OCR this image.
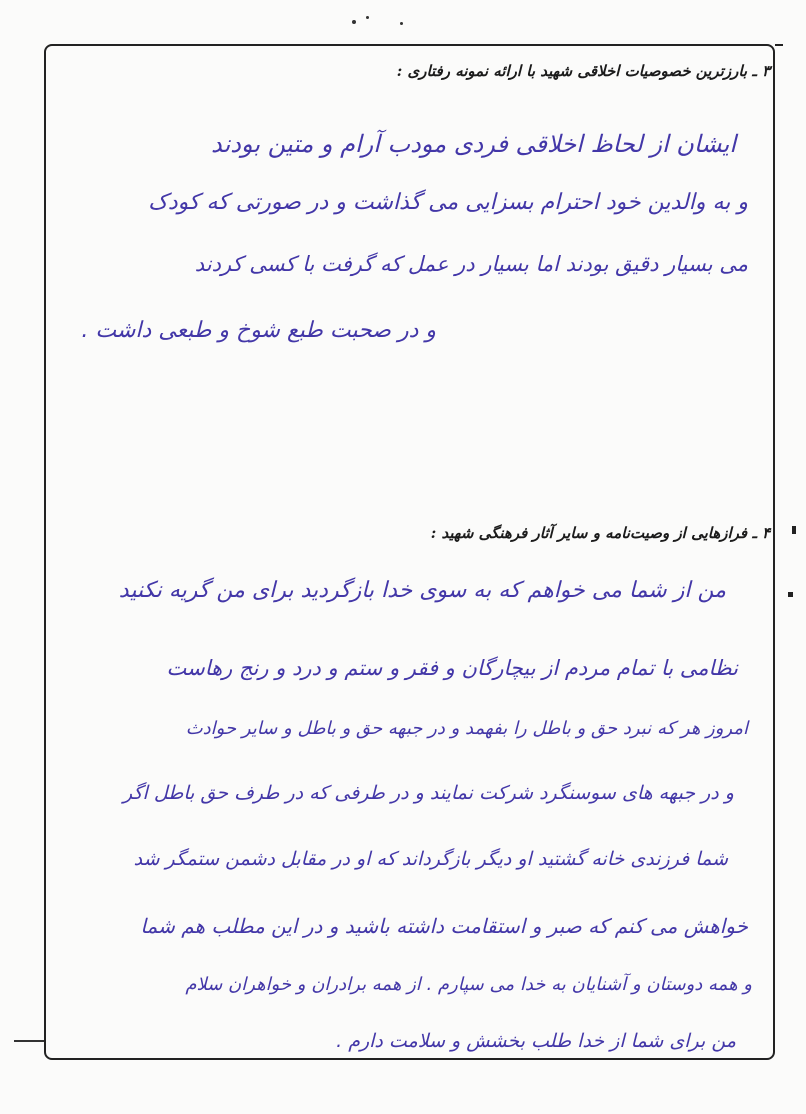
۳ ـ بارزترین خصوصیات اخلاقی شهید با ارائه نمونه رفتاری :
ایشان از لحاظ اخلاقی فردی مودب آرام و متین بودند
و به والدین خود احترام بسزایی می گذاشت و در صورتی که کودک
می بسیار دقیق بودند اما بسیار در عمل که گرفت با کسی کردند
و در صحبت طبع شوخ و طبعی داشت .
۴ ـ فرازهایی از وصیت‌نامه و سایر آثار فرهنگی شهید :
من از شما می خواهم که به سوی خدا بازگردید برای من گریه نکنید
نظامی با تمام مردم از بیچارگان و فقر و ستم و درد و رنج رهاست
امروز هر که نبرد حق و باطل را بفهمد و در جبهه حق و باطل و سایر حوادث
و در جبهه های سوسنگرد شرکت نمایند و در طرفی که در طرف حق باطل اگر
شما فرزندی خانه گشتید او دیگر بازگرداند که او در مقابل دشمن ستمگر شد
خواهش می کنم که صبر و استقامت داشته باشید و در این مطلب هم شما
و همه دوستان و آشنایان به خدا می سپارم . از همه برادران و خواهران سلام
من برای شما از خدا طلب بخشش و سلامت دارم .
